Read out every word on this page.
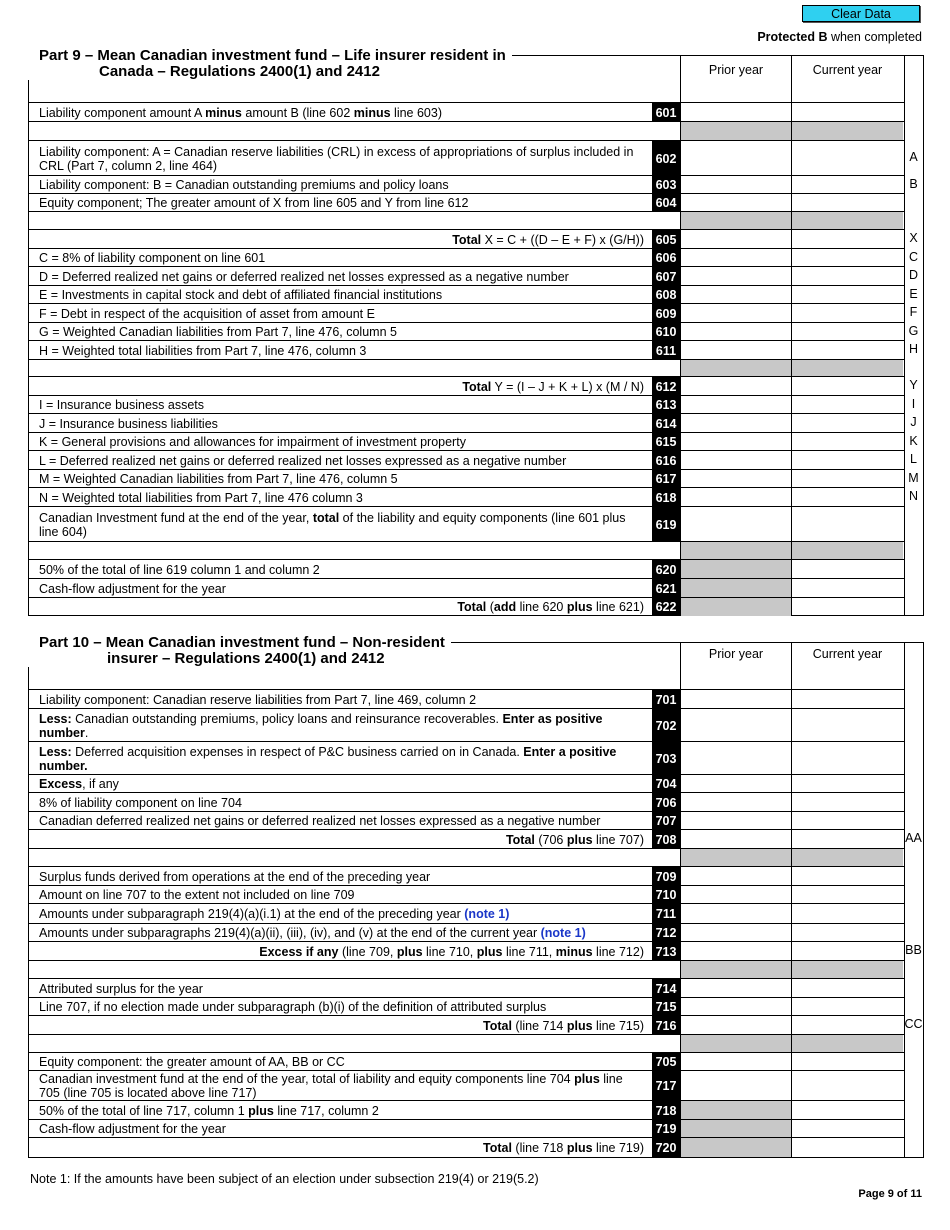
Clear Data
Protected B when completed
Part 9 – Mean Canadian investment fund – Life insurer resident in
Canada – Regulations 2400(1) and 2412	Prior year	Current year
Liability component amount A minus amount B (line 602 minus line 603)	601
Liability component: A = Canadian reserve liabilities (CRL) in excess of appropriations of surplus included in CRL (Part 7, column 2, line 464)	602	A
Liability component: B = Canadian outstanding premiums and policy loans	603	B
Equity component; The greater amount of X from line 605 and Y from line 612	604
Total X = C + ((D – E + F) x (G/H)) 605	X
C = 8% of liability component on line 601	606	C
D = Deferred realized net gains or deferred realized net losses expressed as a negative number	607	D
E = Investments in capital stock and debt of affiliated financial institutions	608	E
F = Debt in respect of the acquisition of asset from amount E	609	F
G = Weighted Canadian liabilities from Part 7, line 476, column 5	610	G
H = Weighted total liabilities from Part 7, line 476, column 3	611	H
Total Y = (I – J + K + L) x (M / N) 612	Y
I = Insurance business assets	613	I
J = Insurance business liabilities	614	J
K = General provisions and allowances for impairment of investment property	615	K
L = Deferred realized net gains or deferred realized net losses expressed as a negative number	616	L
M = Weighted Canadian liabilities from Part 7, line 476, column 5	617	M
N = Weighted total liabilities from Part 7, line 476 column 3	618	N
Canadian Investment fund at the end of the year, total of the liability and equity components (line 601 plus line 604)	619
50% of the total of line 619 column 1 and column 2	620
Cash-flow adjustment for the year	621
Total (add line 620 plus line 621) 622
Part 10 – Mean Canadian investment fund – Non-resident
insurer – Regulations 2400(1) and 2412	Prior year	Current year
Liability component: Canadian reserve liabilities from Part 7, line 469, column 2	701
Less: Canadian outstanding premiums, policy loans and reinsurance recoverables. Enter as positive number.	702
Less: Deferred acquisition expenses in respect of P&C business carried on in Canada. Enter a positive number.	703
Excess, if any	704
8% of liability component on line 704	706
Canadian deferred realized net gains or deferred realized net losses expressed as a negative number	707
Total (706 plus line 707) 708	AA
Surplus funds derived from operations at the end of the preceding year	709
Amount on line 707 to the extent not included on line 709	710
Amounts under subparagraph 219(4)(a)(i.1) at the end of the preceding year (note 1)	711
Amounts under subparagraphs 219(4)(a)(ii), (iii), (iv), and (v) at the end of the current year (note 1)	712
Excess if any (line 709, plus line 710, plus line 711, minus line 712) 713	BB
Attributed surplus for the year	714
Line 707, if no election made under subparagraph (b)(i) of the definition of attributed surplus	715
Total (line 714 plus line 715) 716	CC
Equity component: the greater amount of AA, BB or CC	705
Canadian investment fund at the end of the year, total of liability and equity components line 704 plus line 705 (line 705 is located above line 717)	717
50% of the total of line 717, column 1 plus line 717, column 2	718
Cash-flow adjustment for the year	719
Total (line 718 plus line 719) 720
Note 1: If the amounts have been subject of an election under subsection 219(4) or 219(5.2)
Page 9 of 11
